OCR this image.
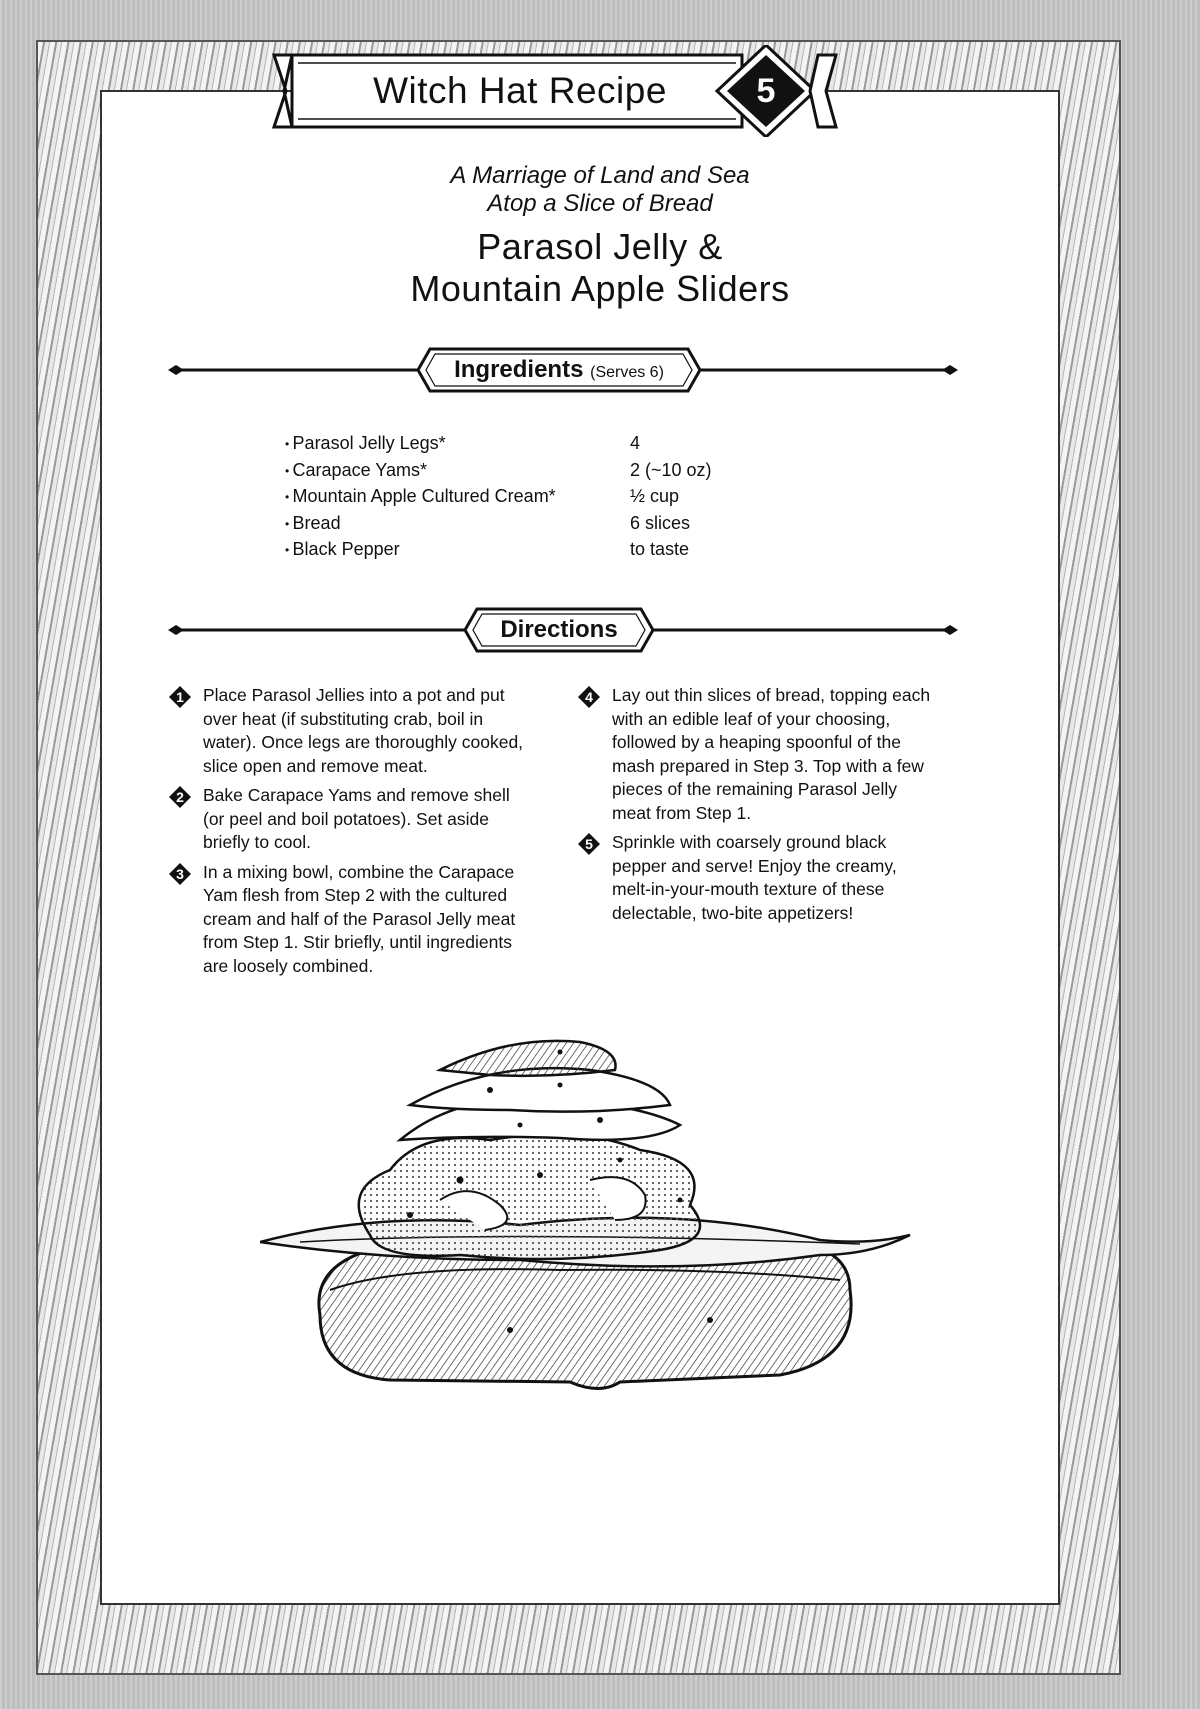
Witch Hat Recipe	5
A Marriage of Land and Sea
Atop a Slice of Bread
Parasol Jelly &
Mountain Apple Sliders
Ingredients (Serves 6)
• Parasol Jelly Legs*	4
• Carapace Yams*	2 (~10 oz)
• Mountain Apple Cultured Cream*	½ cup
• Bread	6 slices
• Black Pepper	to taste
Directions
1	Place Parasol Jellies into a pot and put over heat (if substituting crab, boil in water). Once legs are thoroughly cooked, slice open and remove meat.
2	Bake Carapace Yams and remove shell (or peel and boil potatoes). Set aside briefly to cool.
3	In a mixing bowl, combine the Carapace Yam flesh from Step 2 with the cultured cream and half of the Parasol Jelly meat from Step 1. Stir briefly, until ingredients are loosely combined.
4	Lay out thin slices of bread, topping each with an edible leaf of your choosing, followed by a heaping spoonful of the mash prepared in Step 3. Top with a few pieces of the remaining Parasol Jelly meat from Step 1.
5	Sprinkle with coarsely ground black pepper and serve! Enjoy the creamy, melt-in-your-mouth texture of these delectable, two-bite appetizers!
